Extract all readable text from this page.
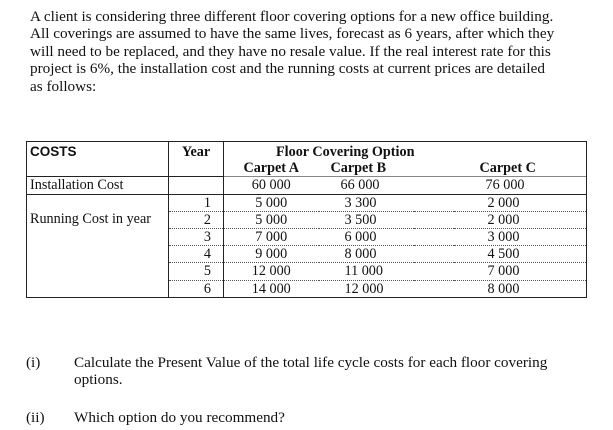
A client is considering three different floor covering options for a new office building.
All coverings are assumed to have the same lives, forecast as 6 years, after which they
will need to be replaced, and they have no resale value. If the real interest rate for this
project is 6%, the installation cost and the running costs at current prices are detailed
as follows:
COSTS	Year	Floor Covering Option		
		Carpet A	Carpet B	Carpet C
Installation Cost		60 000	66 000	76 000
	1	5 000	3 300	2 000
Running Cost in year	2	5 000	3 500	2 000
	3	7 000	6 000	3 000
	4	9 000	8 000	4 500
	5	12 000	11 000	7 000
	6	14 000	12 000	8 000
(i) Calculate the Present Value of the total life cycle costs for each floor covering
options.
(ii) Which option do you recommend?
